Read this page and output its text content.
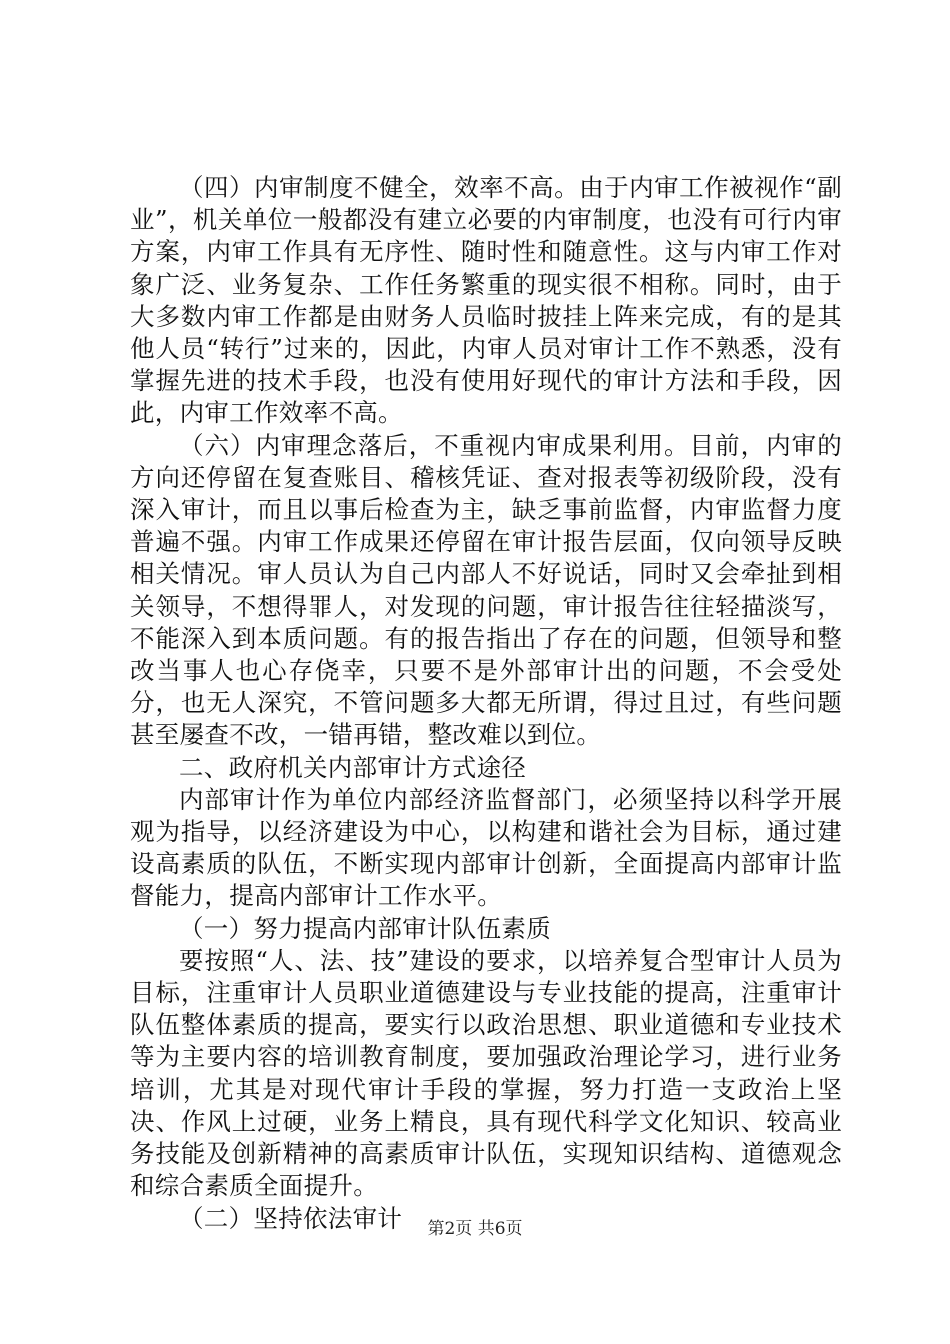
（四）内审制度不健全，效率不高。由于内审工作被视作“副业”，机关单位一般都没有建立必要的内审制度，也没有可行内审方案，内审工作具有无序性、随时性和随意性。这与内审工作对象广泛、业务复杂、工作任务繁重的现实很不相称。同时，由于大多数内审工作都是由财务人员临时披挂上阵来完成，有的是其他人员“转行”过来的，因此，内审人员对审计工作不熟悉，没有掌握先进的技术手段，也没有使用好现代的审计方法和手段，因此，内审工作效率不高。

（六）内审理念落后，不重视内审成果利用。目前，内审的方向还停留在复查账目、稽核凭证、查对报表等初级阶段，没有深入审计，而且以事后检查为主，缺乏事前监督，内审监督力度普遍不强。内审工作成果还停留在审计报告层面，仅向领导反映相关情况。审人员认为自己内部人不好说话，同时又会牵扯到相关领导，不想得罪人，对发现的问题，审计报告往往轻描淡写，不能深入到本质问题。有的报告指出了存在的问题，但领导和整改当事人也心存侥幸，只要不是外部审计出的问题，不会受处分，也无人深究，不管问题多大都无所谓，得过且过，有些问题甚至屡查不改，一错再错，整改难以到位。

二、政府机关内部审计方式途径

内部审计作为单位内部经济监督部门，必须坚持以科学开展观为指导，以经济建设为中心，以构建和谐社会为目标，通过建设高素质的队伍，不断实现内部审计创新，全面提高内部审计监督能力，提高内部审计工作水平。

（一）努力提高内部审计队伍素质

要按照“人、法、技”建设的要求，以培养复合型审计人员为目标，注重审计人员职业道德建设与专业技能的提高，注重审计队伍整体素质的提高，要实行以政治思想、职业道德和专业技术等为主要内容的培训教育制度，要加强政治理论学习，进行业务培训，尤其是对现代审计手段的掌握，努力打造一支政治上坚决、作风上过硬，业务上精良，具有现代科学文化知识、较高业务技能及创新精神的高素质审计队伍，实现知识结构、道德观念和综合素质全面提升。

（二）坚持依法审计	第2页 共6页
